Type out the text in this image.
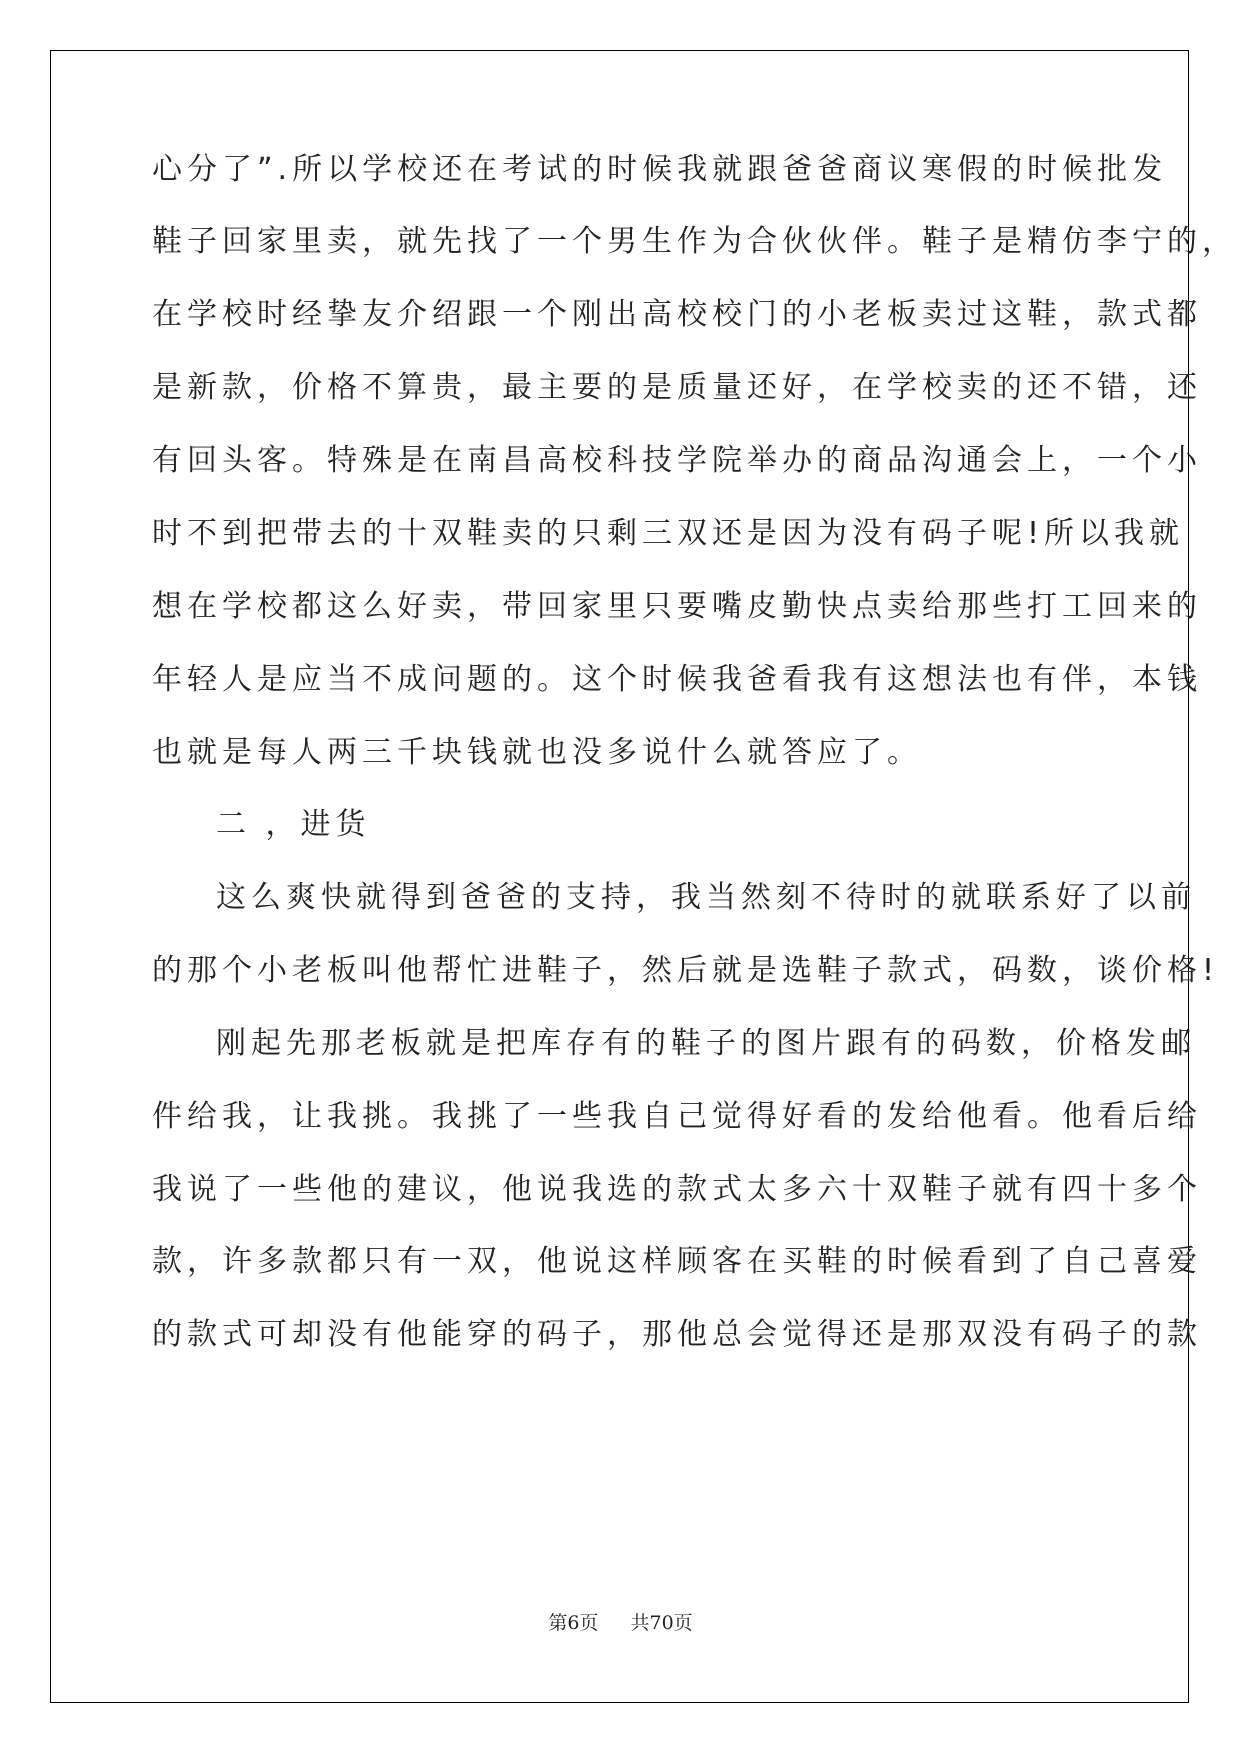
心分了”.所以学校还在考试的时候我就跟爸爸商议寒假的时候批发
鞋子回家里卖，就先找了一个男生作为合伙伙伴。鞋子是精仿李宁的，
在学校时经挚友介绍跟一个刚出高校校门的小老板卖过这鞋，款式都
是新款，价格不算贵，最主要的是质量还好，在学校卖的还不错，还
有回头客。特殊是在南昌高校科技学院举办的商品沟通会上，一个小
时不到把带去的十双鞋卖的只剩三双还是因为没有码子呢!所以我就
想在学校都这么好卖，带回家里只要嘴皮勤快点卖给那些打工回来的
年轻人是应当不成问题的。这个时候我爸看我有这想法也有伴，本钱
也就是每人两三千块钱就也没多说什么就答应了。
二 ，进货
这么爽快就得到爸爸的支持，我当然刻不待时的就联系好了以前
的那个小老板叫他帮忙进鞋子，然后就是选鞋子款式，码数，谈价格!
刚起先那老板就是把库存有的鞋子的图片跟有的码数，价格发邮
件给我，让我挑。我挑了一些我自己觉得好看的发给他看。他看后给
我说了一些他的建议，他说我选的款式太多六十双鞋子就有四十多个
款，许多款都只有一双，他说这样顾客在买鞋的时候看到了自己喜爱
的款式可却没有他能穿的码子，那他总会觉得还是那双没有码子的款
第6页 共70页
